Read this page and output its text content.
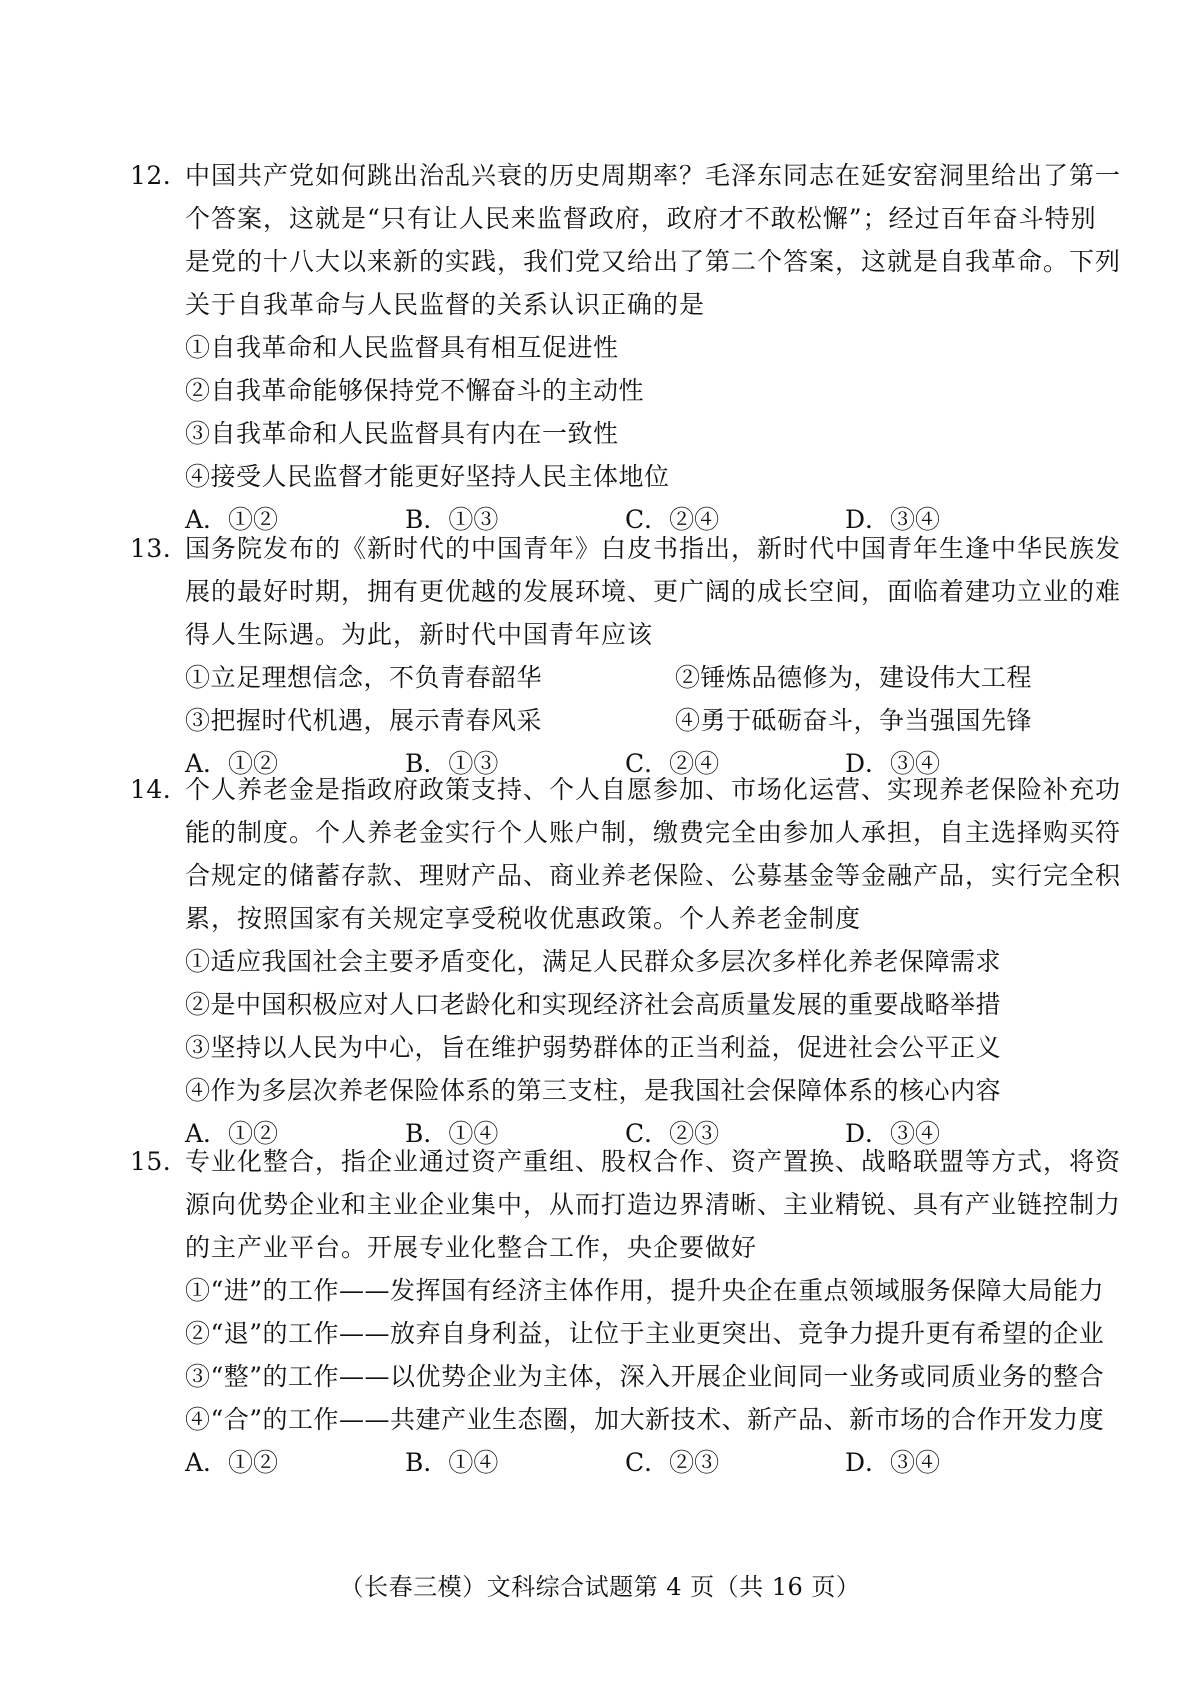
12. 中国共产党如何跳出治乱兴衰的历史周期率？毛泽东同志在延安窑洞里给出了第一
个答案，这就是“只有让人民来监督政府，政府才不敢松懈”；经过百年奋斗特别
是党的十八大以来新的实践，我们党又给出了第二个答案，这就是自我革命。下列
关于自我革命与人民监督的关系认识正确的是
①自我革命和人民监督具有相互促进性
②自我革命能够保持党不懈奋斗的主动性
③自我革命和人民监督具有内在一致性
④接受人民监督才能更好坚持人民主体地位
A．①②	B．①③	C．②④	D．③④
13. 国务院发布的《新时代的中国青年》白皮书指出，新时代中国青年生逢中华民族发
展的最好时期，拥有更优越的发展环境、更广阔的成长空间，面临着建功立业的难
得人生际遇。为此，新时代中国青年应该
①立足理想信念，不负青春韶华	②锤炼品德修为，建设伟大工程
③把握时代机遇，展示青春风采	④勇于砥砺奋斗，争当强国先锋
A．①②	B．①③	C．②④	D．③④
14. 个人养老金是指政府政策支持、个人自愿参加、市场化运营、实现养老保险补充功
能的制度。个人养老金实行个人账户制，缴费完全由参加人承担，自主选择购买符
合规定的储蓄存款、理财产品、商业养老保险、公募基金等金融产品，实行完全积
累，按照国家有关规定享受税收优惠政策。个人养老金制度
①适应我国社会主要矛盾变化，满足人民群众多层次多样化养老保障需求
②是中国积极应对人口老龄化和实现经济社会高质量发展的重要战略举措
③坚持以人民为中心，旨在维护弱势群体的正当利益，促进社会公平正义
④作为多层次养老保险体系的第三支柱，是我国社会保障体系的核心内容
A．①②	B．①④	C．②③	D．③④
15. 专业化整合，指企业通过资产重组、股权合作、资产置换、战略联盟等方式，将资
源向优势企业和主业企业集中，从而打造边界清晰、主业精锐、具有产业链控制力
的主产业平台。开展专业化整合工作，央企要做好
①“进”的工作——发挥国有经济主体作用，提升央企在重点领域服务保障大局能力
②“退”的工作——放弃自身利益，让位于主业更突出、竞争力提升更有希望的企业
③“整”的工作——以优势企业为主体，深入开展企业间同一业务或同质业务的整合
④“合”的工作——共建产业生态圈，加大新技术、新产品、新市场的合作开发力度
A．①②	B．①④	C．②③	D．③④
（长春三模）文科综合试题第 4 页（共 16 页）
